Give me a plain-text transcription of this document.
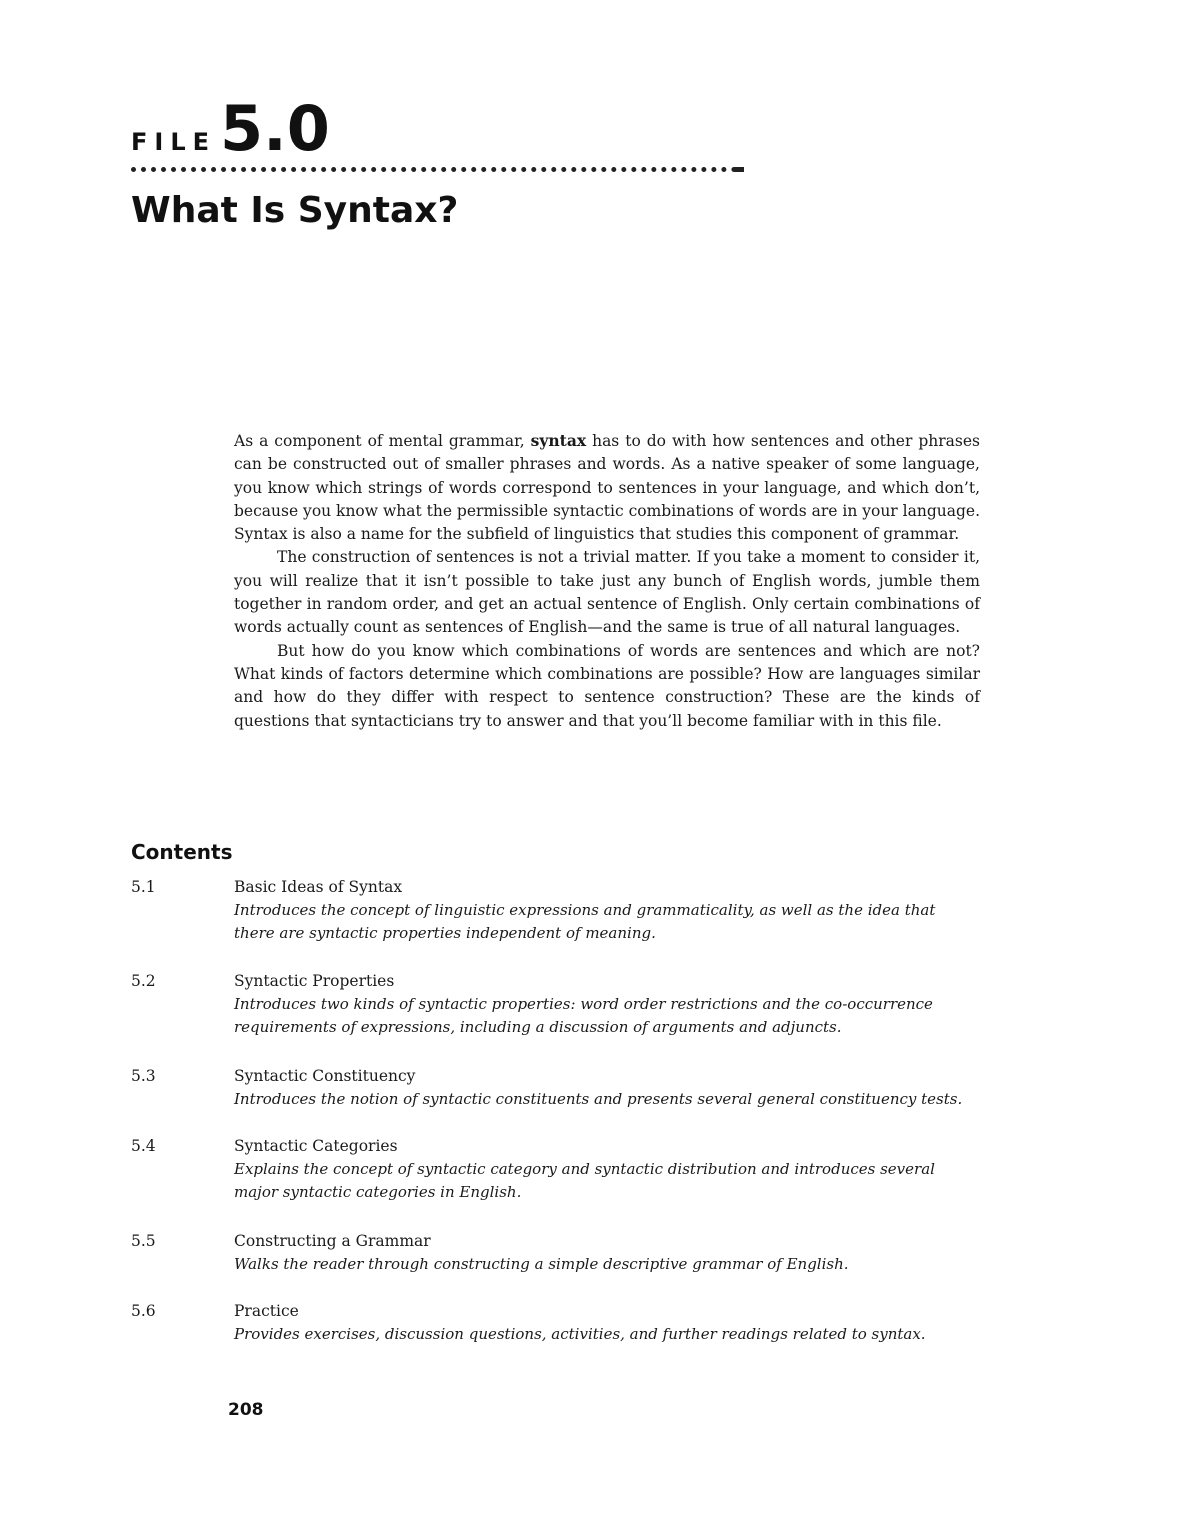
FILE5.0
What Is Syntax?

As a component of mental grammar, syntax has to do with how sentences and other phrases can be constructed out of smaller phrases and words. As a native speaker of some language, you know which strings of words correspond to sentences in your language, and which don’t, because you know what the permissible syntactic combinations of words are in your language. Syntax is also a name for the subfield of linguistics that studies this component of grammar.

The construction of sentences is not a trivial matter. If you take a moment to consider it, you will realize that it isn’t possible to take just any bunch of English words, jumble them together in random order, and get an actual sentence of English. Only certain combinations of words actually count as sentences of English—and the same is true of all natural languages.

But how do you know which combinations of words are sentences and which are not? What kinds of factors determine which combinations are possible? How are languages similar and how do they differ with respect to sentence construction? These are the kinds of questions that syntacticians try to answer and that you’ll become familiar with in this file.

Contents
5.1	Basic Ideas of Syntax
Introduces the concept of linguistic expressions and grammaticality, as well as the idea that there are syntactic properties independent of meaning.
5.2	Syntactic Properties
Introduces two kinds of syntactic properties: word order restrictions and the co-occurrence requirements of expressions, including a discussion of arguments and adjuncts.
5.3	Syntactic Constituency
Introduces the notion of syntactic constituents and presents several general constituency tests.
5.4	Syntactic Categories
Explains the concept of syntactic category and syntactic distribution and introduces several major syntactic categories in English.
5.5	Constructing a Grammar
Walks the reader through constructing a simple descriptive grammar of English.
5.6	Practice
Provides exercises, discussion questions, activities, and further readings related to syntax.
208
